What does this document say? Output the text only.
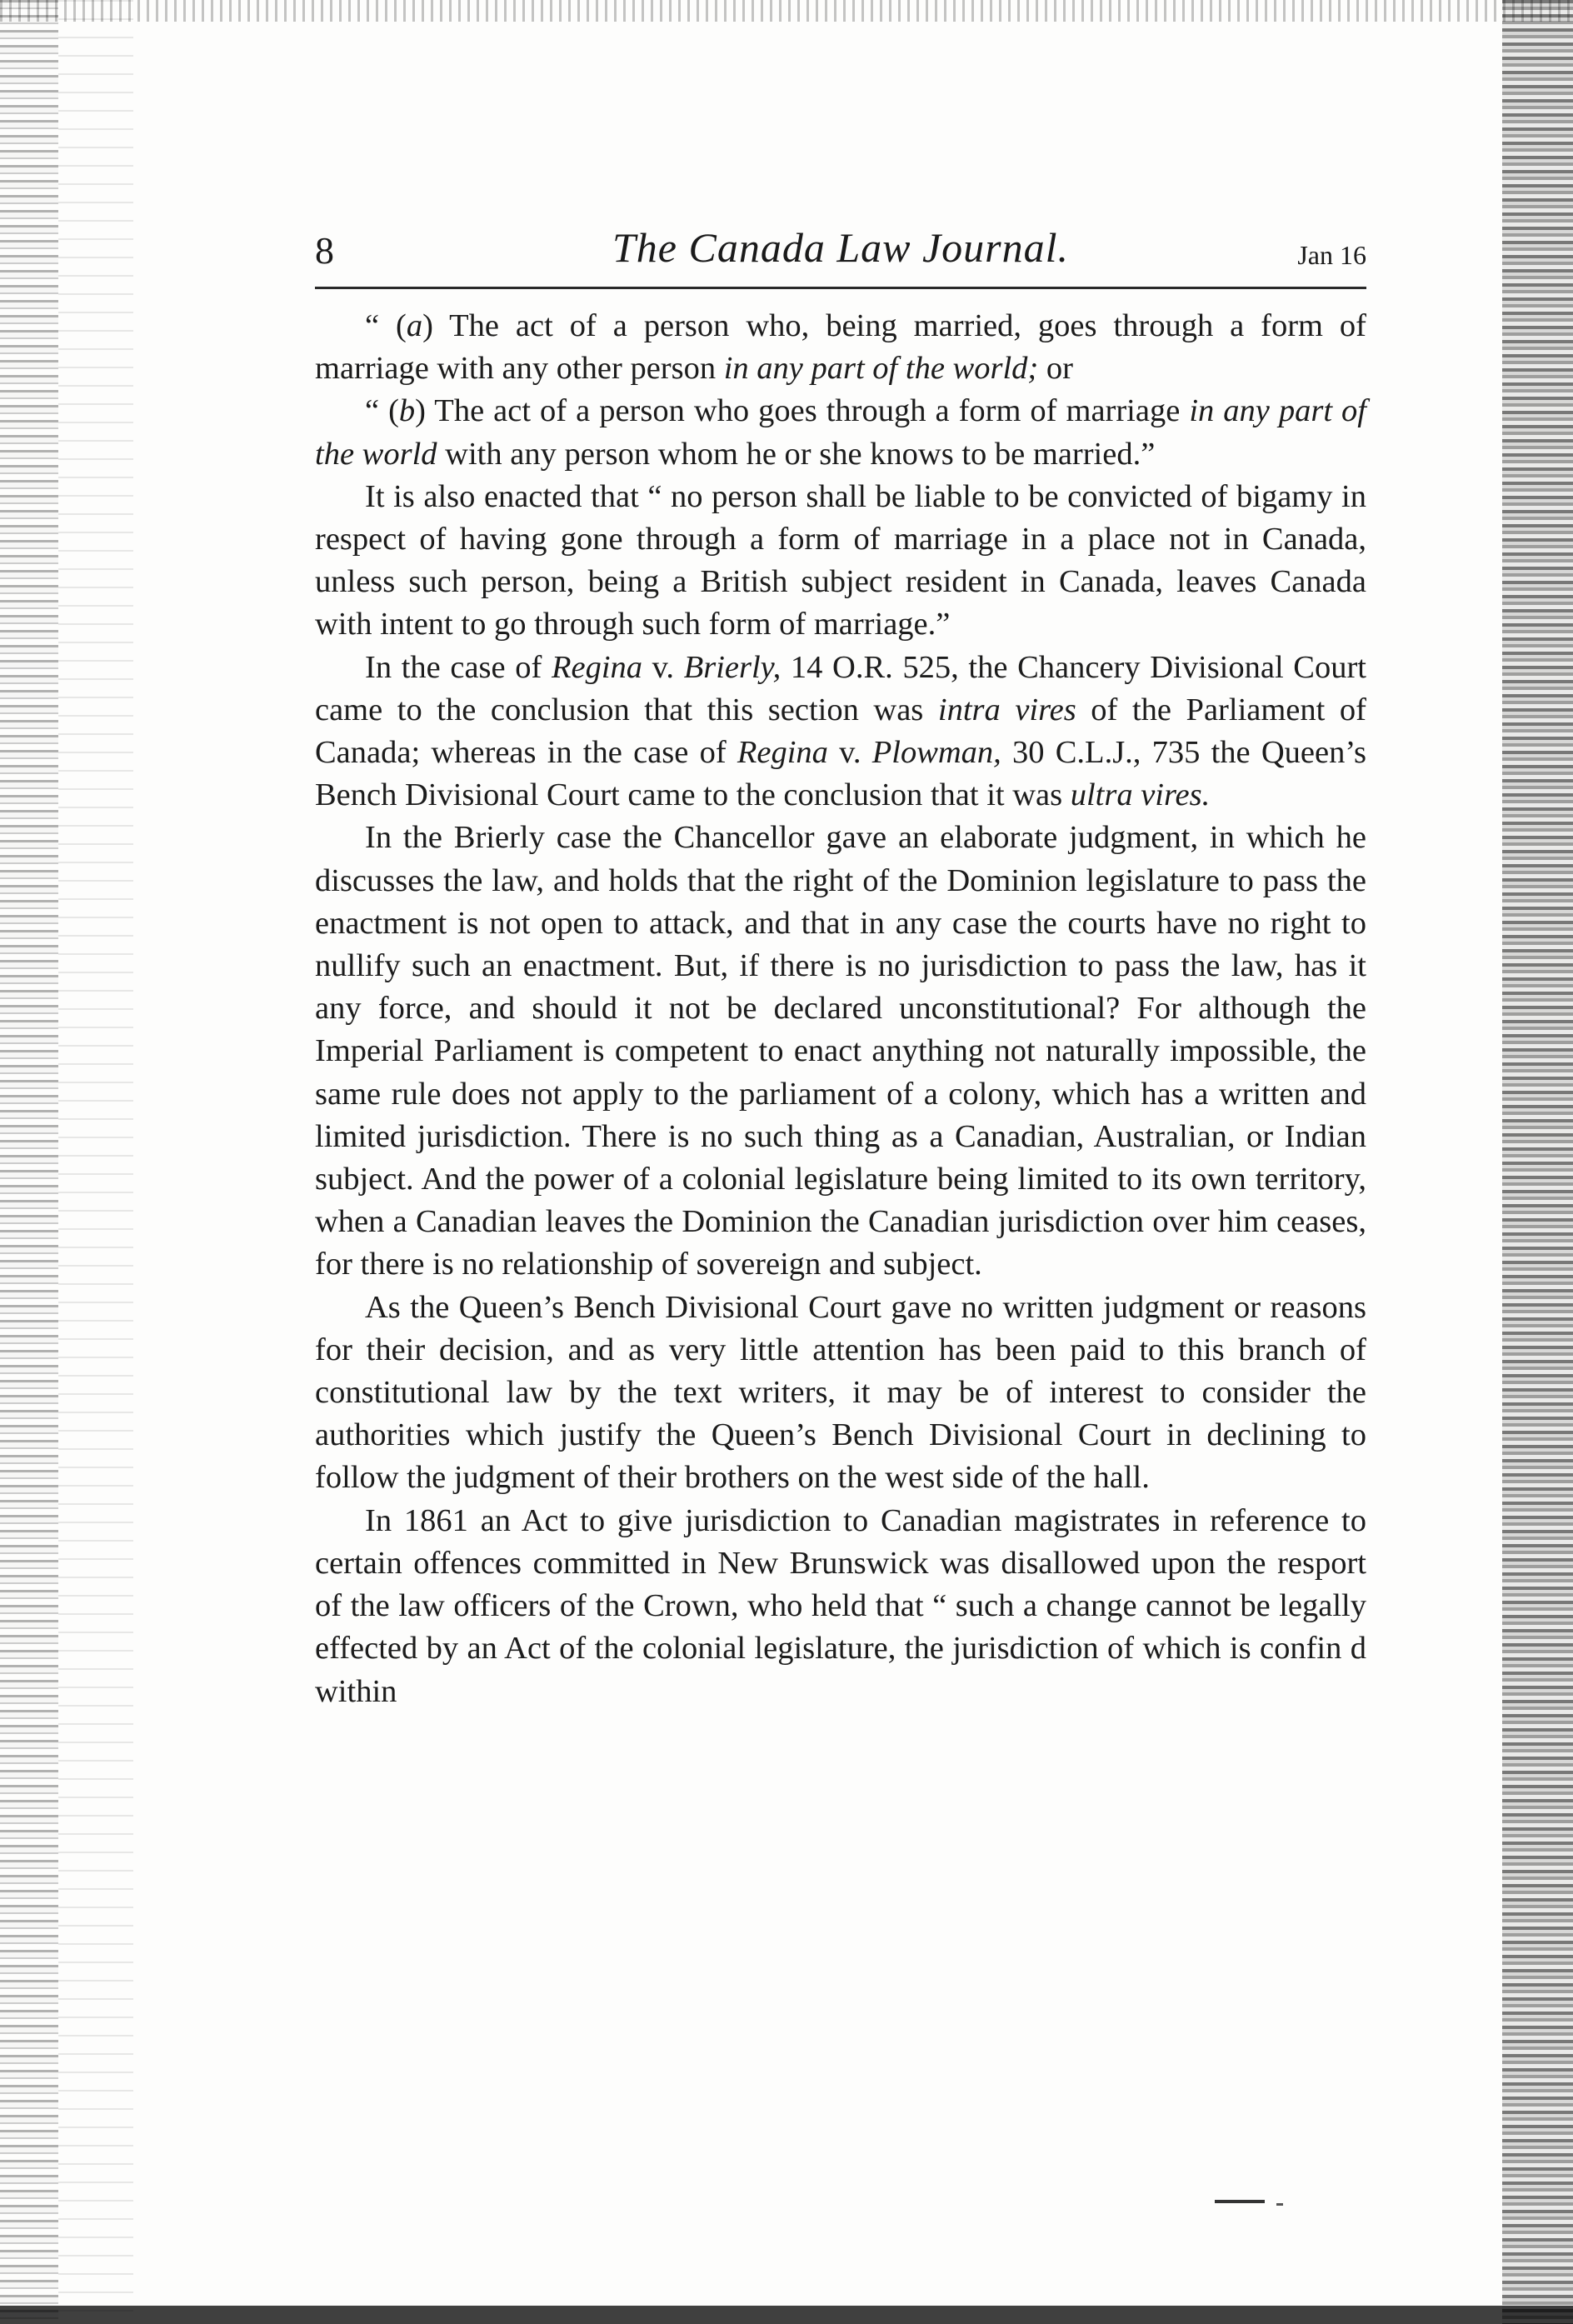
8	The Canada Law Journal.	Jan 16

“ (a) The act of a person who, being married, goes through a form of marriage with any other person in any part of the world; or

“ (b) The act of a person who goes through a form of marriage in any part of the world with any person whom he or she knows to be married.”

It is also enacted that “ no person shall be liable to be convicted of bigamy in respect of having gone through a form of marriage in a place not in Canada, unless such person, being a British subject resident in Canada, leaves Canada with intent to go through such form of marriage.”

In the case of Regina v. Brierly, 14 O.R. 525, the Chancery Divisional Court came to the conclusion that this section was intra vires of the Parliament of Canada; whereas in the case of Regina v. Plowman, 30 C.L.J., 735 the Queen’s Bench Divisional Court came to the conclusion that it was ultra vires.

In the Brierly case the Chancellor gave an elaborate judgment, in which he discusses the law, and holds that the right of the Dominion legislature to pass the enactment is not open to attack, and that in any case the courts have no right to nullify such an enactment. But, if there is no jurisdiction to pass the law, has it any force, and should it not be declared unconstitutional? For although the Imperial Parliament is competent to enact anything not naturally impossible, the same rule does not apply to the parliament of a colony, which has a written and limited jurisdiction. There is no such thing as a Canadian, Australian, or Indian subject. And the power of a colonial legislature being limited to its own territory, when a Canadian leaves the Dominion the Canadian jurisdiction over him ceases, for there is no relationship of sovereign and subject.

As the Queen’s Bench Divisional Court gave no written judgment or reasons for their decision, and as very little attention has been paid to this branch of constitutional law by the text writers, it may be of interest to consider the authorities which justify the Queen’s Bench Divisional Court in declining to follow the judgment of their brothers on the west side of the hall.

In 1861 an Act to give jurisdiction to Canadian magistrates in reference to certain offences committed in New Brunswick was disallowed upon the resport of the law officers of the Crown, who held that “ such a change cannot be legally effected by an Act of the colonial legislature, the jurisdiction of which is confin d within
